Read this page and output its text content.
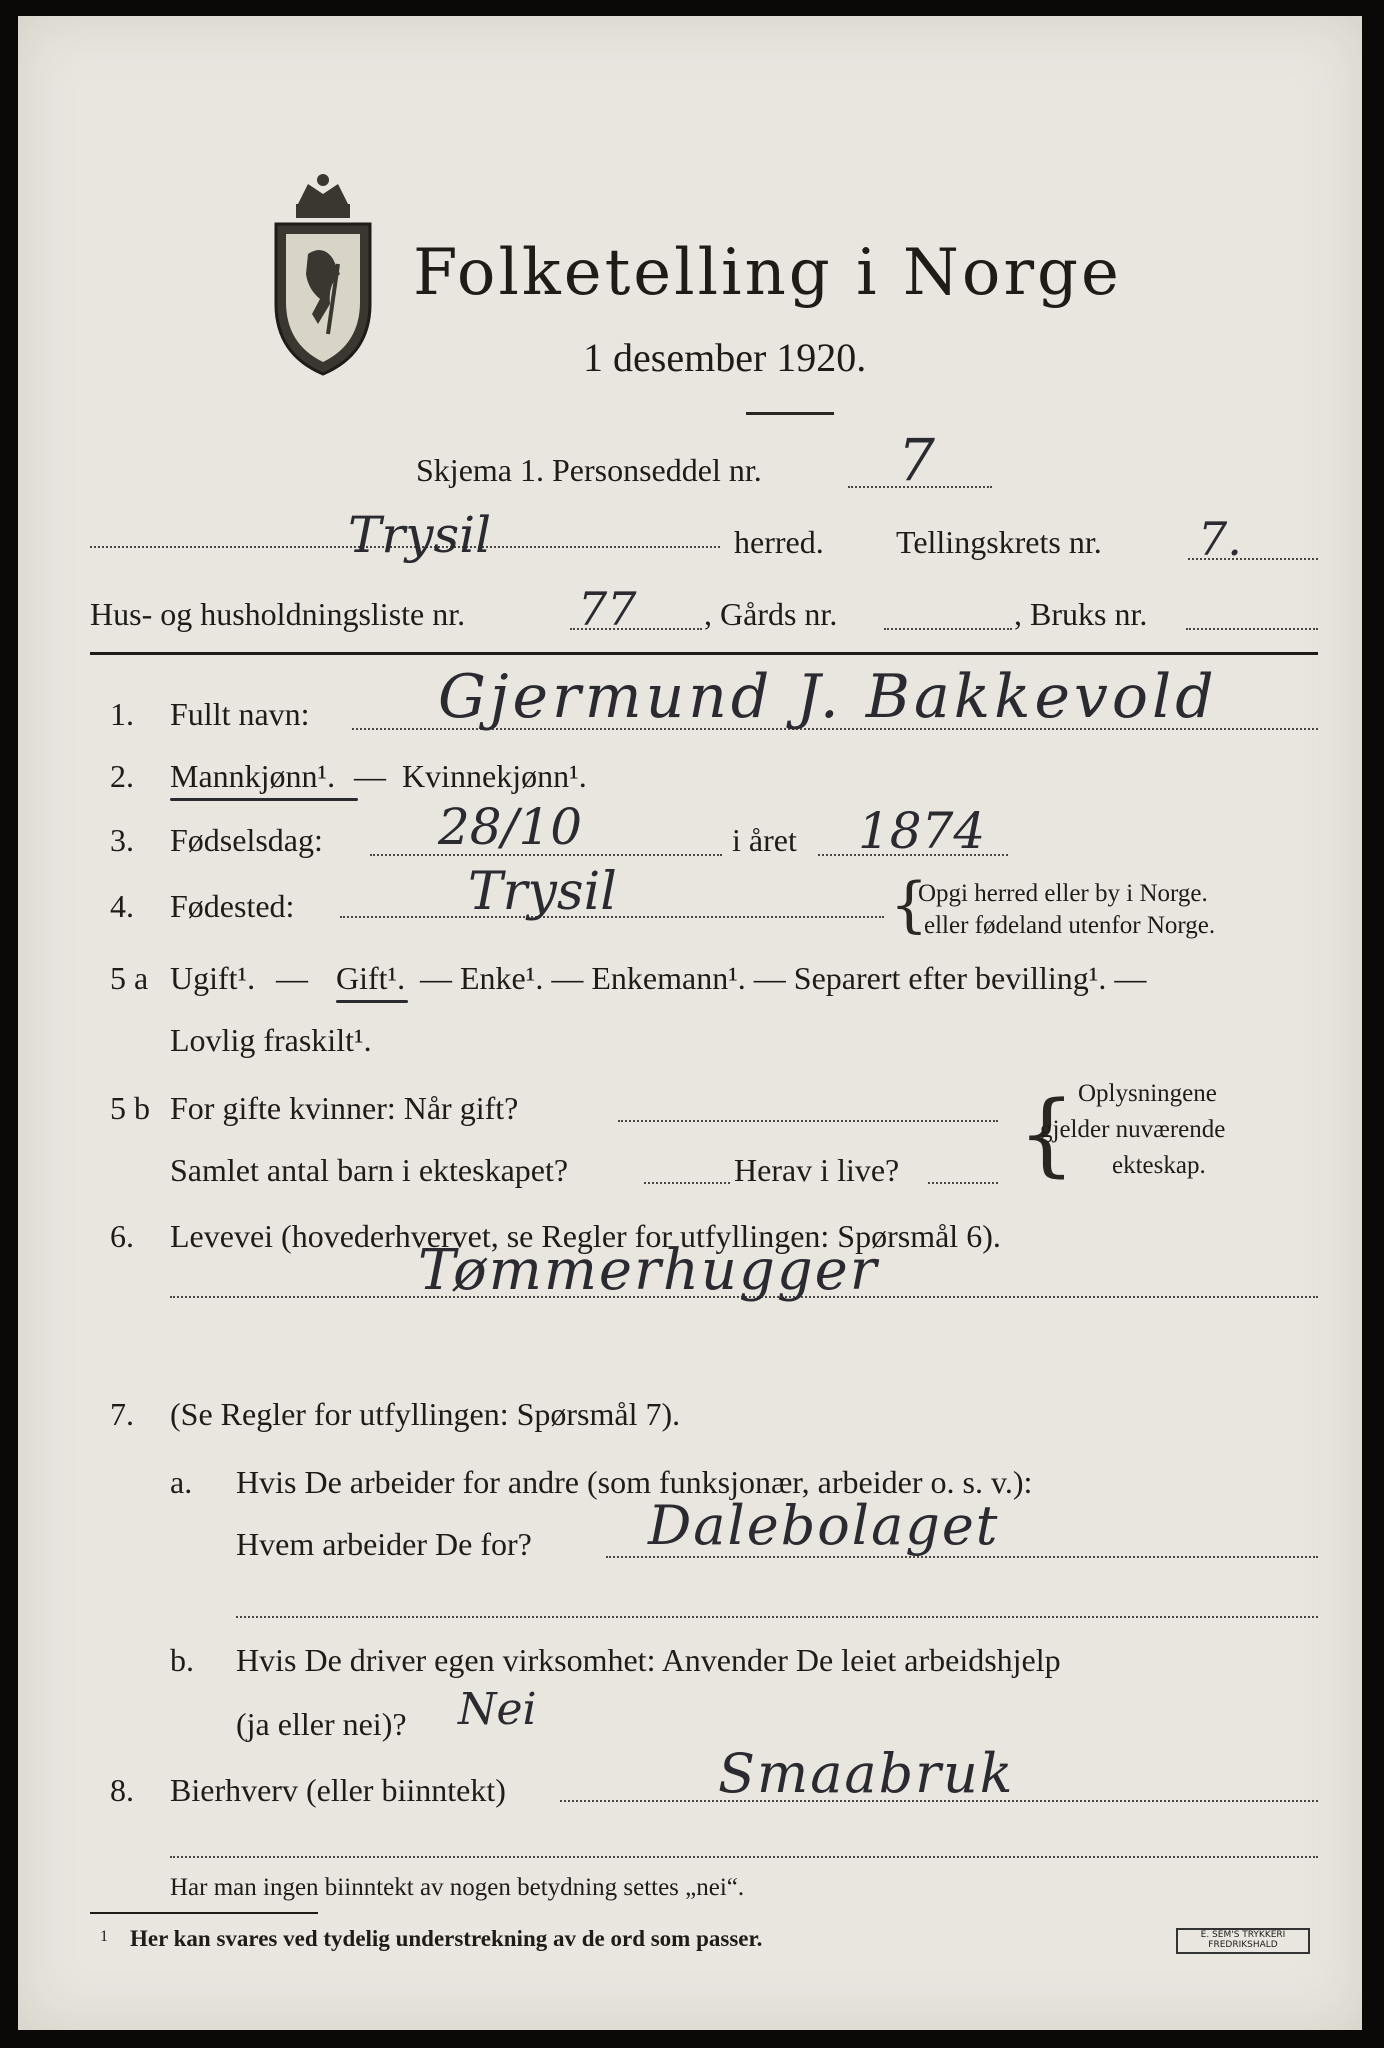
Folketelling i Norge
1 desember 1920.
Skjema 1. Personseddel nr. 7
Trysil	herred. Tellingskrets nr. 7.
Hus- og husholdningsliste nr. 77 , Gårds nr.	, Bruks nr.
1. Fullt navn: Gjermund J. Bakkevold
2. Mannkjønn¹. — Kvinnekjønn¹.
3. Fødselsdag: 28/10	i året 1874
4. Fødested:	Trysil	{
Opgi herred eller by i Norge.
eller fødeland utenfor Norge.
5 a Ugift¹. — Gift¹. — Enke¹. — Enkemann¹. — Separert efter bevilling¹. —
Lovlig fraskilt¹.
5 b For gifte kvinner: Når gift?
Samlet antal barn i ekteskapet?	Herav i live? { Oplysningene
gjelder nuværende
ekteskap.
6. Levevei (hovederhvervet, se Regler for utfyllingen: Spørsmål 6).
Tømmerhugger
7. (Se Regler for utfyllingen: Spørsmål 7).
a. Hvis De arbeider for andre (som funksjonær, arbeider o. s. v.):
Hvem arbeider De for? Dalebolaget
b. Hvis De driver egen virksomhet: Anvender De leiet arbeidshjelp
(ja eller nei)? Nei
8. Bierhverv (eller biinntekt)	Smaabruk
Har man ingen biinntekt av nogen betydning settes „nei“.
1 Her kan svares ved tydelig understrekning av de ord som passer.	E. SEM'S TRYKKERI FREDRIKSHALD
